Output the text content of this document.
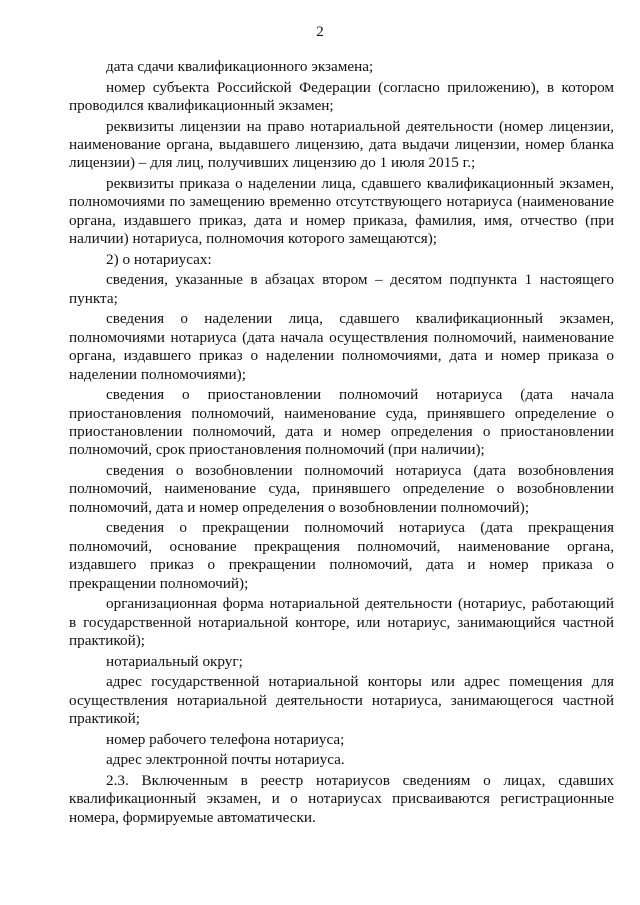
2

дата сдачи квалификационного экзамена;

номер субъекта Российской Федерации (согласно приложению), в котором проводился квалификационный экзамен;

реквизиты лицензии на право нотариальной деятельности (номер лицензии, наименование органа, выдавшего лицензию, дата выдачи лицензии, номер бланка лицензии) – для лиц, получивших лицензию до 1 июля 2015 г.;

реквизиты приказа о наделении лица, сдавшего квалификационный экзамен, полномочиями по замещению временно отсутствующего нотариуса (наименование органа, издавшего приказ, дата и номер приказа, фамилия, имя, отчество (при наличии) нотариуса, полномочия которого замещаются);

2) о нотариусах:

сведения, указанные в абзацах втором – десятом подпункта 1 настоящего пункта;

сведения о наделении лица, сдавшего квалификационный экзамен, полномочиями нотариуса (дата начала осуществления полномочий, наименование органа, издавшего приказ о наделении полномочиями, дата и номер приказа о наделении полномочиями);

сведения о приостановлении полномочий нотариуса (дата начала приостановления полномочий, наименование суда, принявшего определение о приостановлении полномочий, дата и номер определения о приостановлении полномочий, срок приостановления полномочий (при наличии);

сведения о возобновлении полномочий нотариуса (дата возобновления полномочий, наименование суда, принявшего определение о возобновлении полномочий, дата и номер определения о возобновлении полномочий);

сведения о прекращении полномочий нотариуса (дата прекращения полномочий, основание прекращения полномочий, наименование органа, издавшего приказ о прекращении полномочий, дата и номер приказа о прекращении полномочий);

организационная форма нотариальной деятельности (нотариус, работающий в государственной нотариальной конторе, или нотариус, занимающийся частной практикой);

нотариальный округ;

адрес государственной нотариальной конторы или адрес помещения для осуществления нотариальной деятельности нотариуса, занимающегося частной практикой;

номер рабочего телефона нотариуса;

адрес электронной почты нотариуса.

2.3. Включенным в реестр нотариусов сведениям о лицах, сдавших квалификационный экзамен, и о нотариусах присваиваются регистрационные номера, формируемые автоматически.
